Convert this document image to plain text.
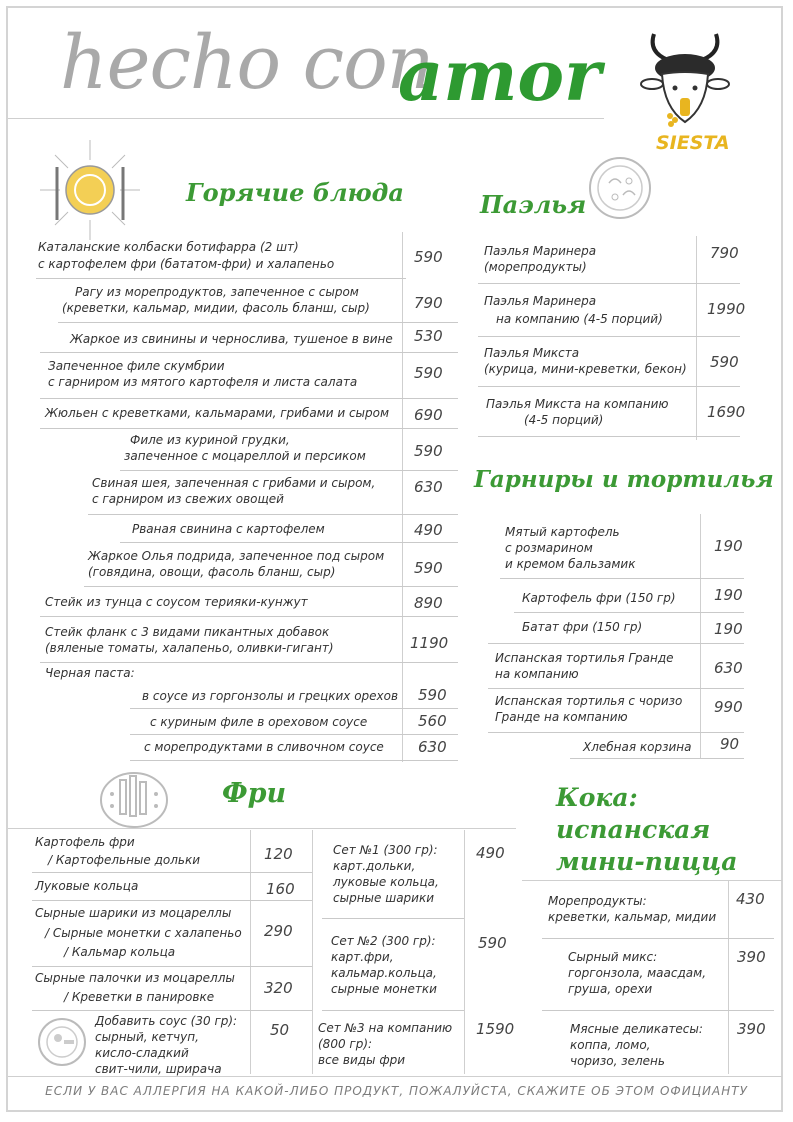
hecho con
amor
SIESTA
Горячие блюда
Каталанские колбаски ботифарра (2 шт)
с картофелем фри (бататом-фри) и халапеньо	590
Рагу из морепродуктов, запеченное с сыром
(креветки, кальмар, мидии, фасоль бланш, сыр)	790
Жаркое из свинины и чернослива, тушеное в вине 530
Запеченное филе скумбрии
с гарниром из мятого картофеля и листа салата	590
Жюльен с креветками, кальмарами, грибами и сыром 690
Филе из куриной грудки,
запеченное с моцареллой и персиком	590
Свиная шея, запеченная с грибами и сыром,
с гарниром из свежих овощей
630
Рваная свинина с картофелем	490
Жаркое Олья подрида, запеченное под сыром
(говядина, овощи, фасоль бланш, сыр)	590
Стейк из тунца с соусом терияки-кунжут	890
Стейк фланк с 3 видами пикантных добавок
(вяленые томаты, халапеньо, оливки-гигант)	1190
Черная паста:
в соусе из горгонзолы и грецких орехов 590
с куриным филе в ореховом соусе	560
с морепродуктами в сливочном соусе 630
Паэлья
Паэлья Маринера
(морепродукты)
790
Паэлья Маринера
на компанию (4-5 порций)
1990
Паэлья Микста
(курица, мини-креветки, бекон) 590
Паэлья Микста на компанию
(4-5 порций)	1690
Гарниры и тортилья
Мятый картофель
с розмарином
и кремом бальзамик
190
Картофель фри (150 гр)	190
Батат фри (150 гр)	190
Испанская тортилья Гранде
на компанию	630
Испанская тортилья с чоризо
Гранде на компанию
990
Хлебная корзина 90
Фри
Картофель фри
/ Картофельные дольки	120
Луковые кольца	160
Сырные шарики из моцареллы
/ Сырные монетки с халапеньо
/ Кальмар кольца
290
Сырные палочки из моцареллы
/ Креветки в панировке	320
Добавить соус (30 гр):
сырный, кетчуп,
кисло-сладкий
свит-чили, шрирача
50
Сет №1 (300 гр):
карт.дольки,
луковые кольца,
сырные шарики
490
Сет №2 (300 гр):
карт.фри,
кальмар.кольца,
сырные монетки
590
Сет №3 на компанию
(800 гр):
все виды фри
1590
Кока:
испанская
мини-пицца
Морепродукты:
креветки, кальмар, мидии
430
Сырный микс:
горгонзола, маасдам,
груша, орехи
390
Мясные деликатесы:
коппа, ломо,
чоризо, зелень
390
ЕСЛИ У ВАС АЛЛЕРГИЯ НА КАКОЙ-ЛИБО ПРОДУКТ, ПОЖАЛУЙСТА, СКАЖИТЕ ОБ ЭТОМ ОФИЦИАНТУ
